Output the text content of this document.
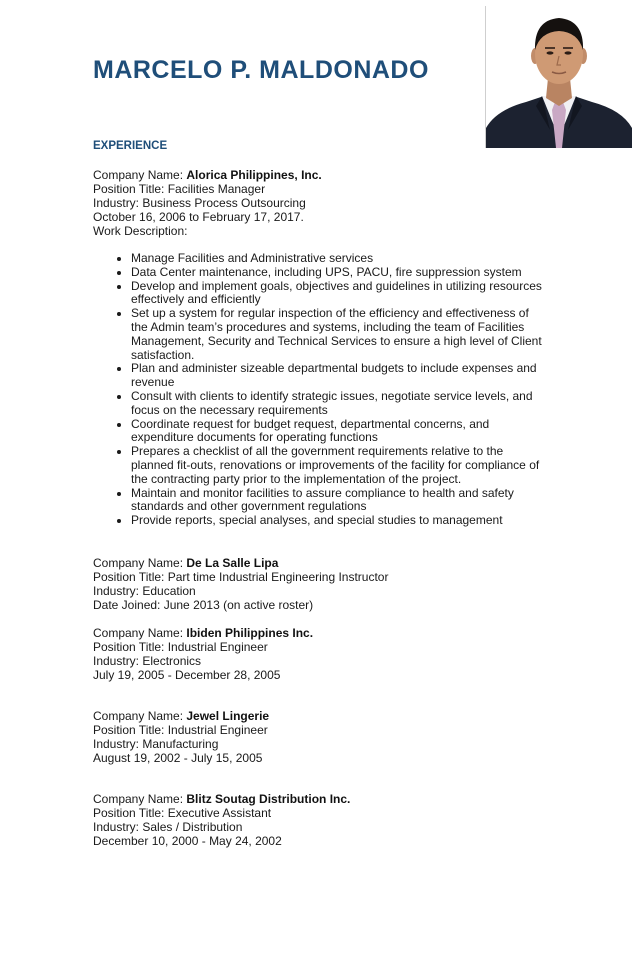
MARCELO P. MALDONADO
EXPERIENCE
Company Name: Alorica Philippines, Inc.
Position Title: Facilities Manager
Industry: Business Process Outsourcing
October 16, 2006 to February 17, 2017.
Work Description:
• Manage Facilities and Administrative services
• Data Center maintenance, including UPS, PACU, fire suppression system
• Develop and implement goals, objectives and guidelines in utilizing resources effectively and efficiently
• Set up a system for regular inspection of the efficiency and effectiveness of the Admin team’s procedures and systems, including the team of Facilities Management, Security and Technical Services to ensure a high level of Client satisfaction.
• Plan and administer sizeable departmental budgets to include expenses and revenue
• Consult with clients to identify strategic issues, negotiate service levels, and focus on the necessary requirements
• Coordinate request for budget request, departmental concerns, and expenditure documents for operating functions
• Prepares a checklist of all the government requirements relative to the planned fit-outs, renovations or improvements of the facility for compliance of the contracting party prior to the implementation of the project.
• Maintain and monitor facilities to assure compliance to health and safety standards and other government regulations
• Provide reports, special analyses, and special studies to management
Company Name: De La Salle Lipa
Position Title: Part time Industrial Engineering Instructor
Industry: Education
Date Joined: June 2013 (on active roster)
Company Name: Ibiden Philippines Inc.
Position Title: Industrial Engineer
Industry: Electronics
July 19, 2005 - December 28, 2005
Company Name: Jewel Lingerie
Position Title: Industrial Engineer
Industry: Manufacturing
August 19, 2002 - July 15, 2005
Company Name: Blitz Soutag Distribution Inc.
Position Title: Executive Assistant
Industry: Sales / Distribution
December 10, 2000 - May 24, 2002
